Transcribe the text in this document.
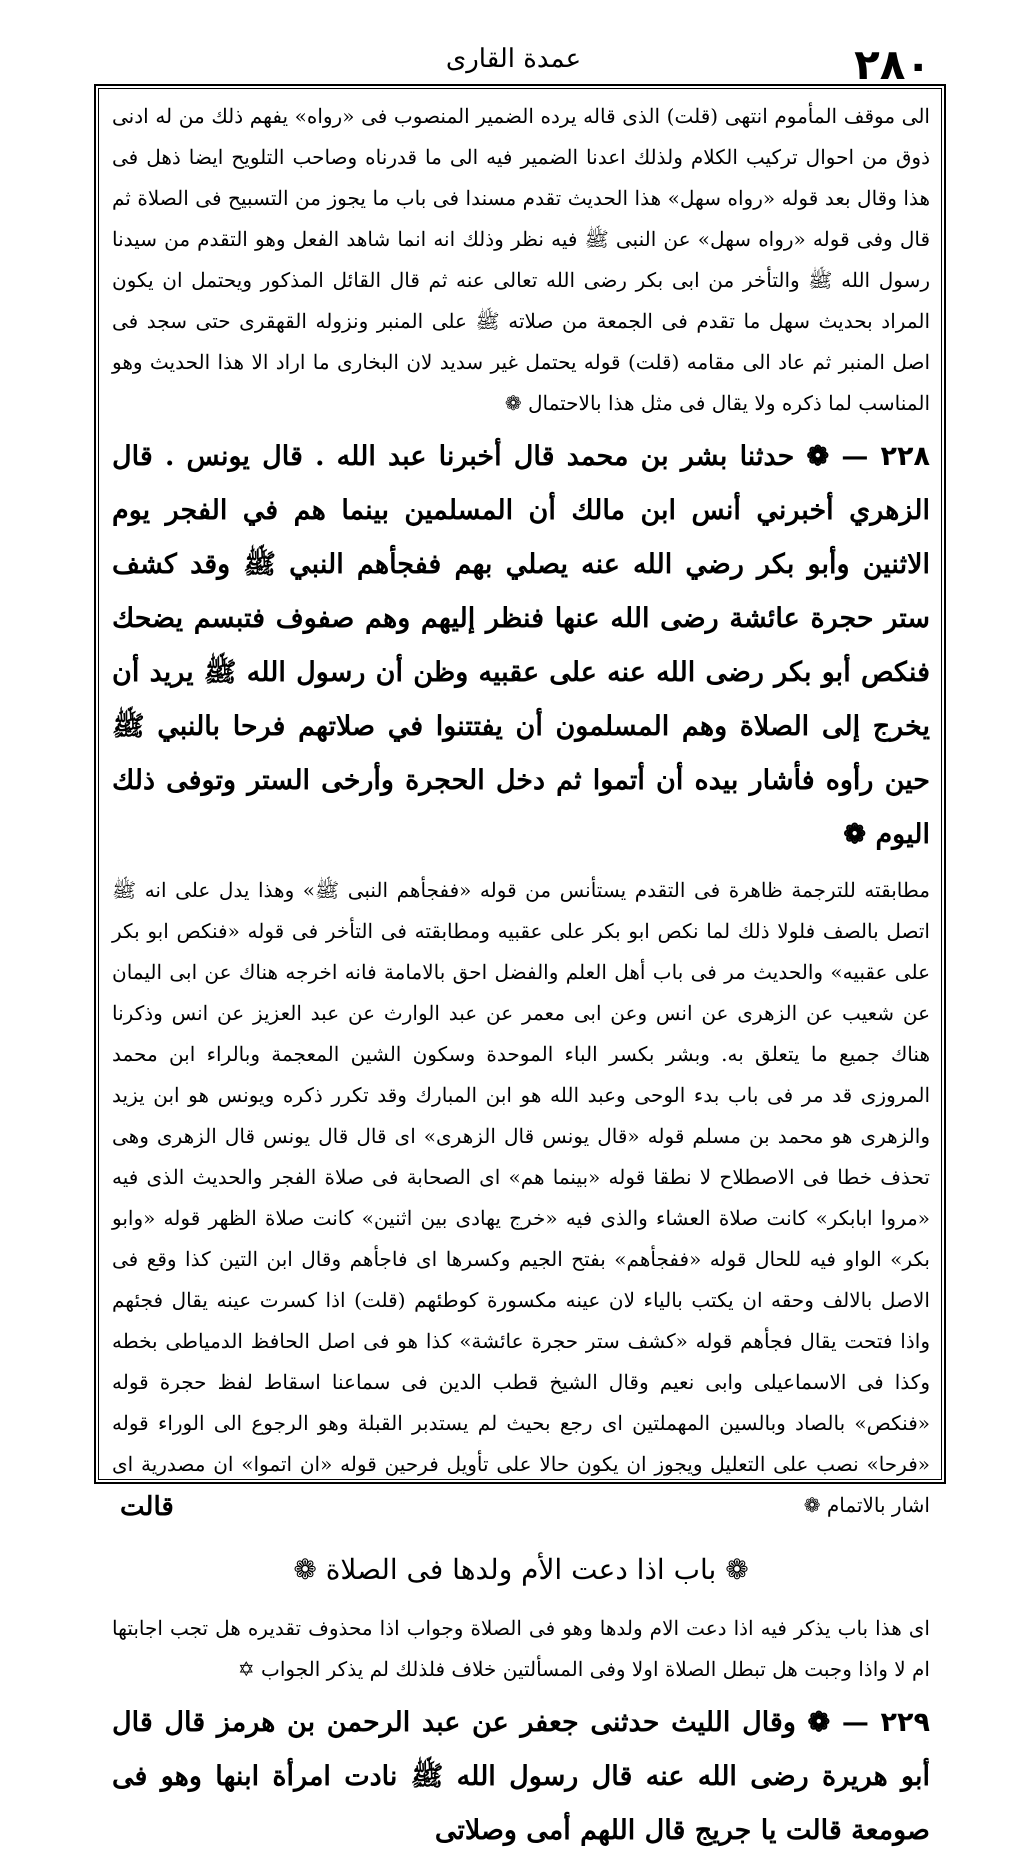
٢٨٠
عمدة القارى

الى موقف المأموم انتهى (قلت) الذى قاله يرده الضمير المنصوب فى «رواه» يفهم ذلك من له ادنى ذوق من احوال تركيب الكلام ولذلك اعدنا الضمير فيه الى ما قدرناه وصاحب التلويح ايضا ذهل فى هذا وقال بعد قوله «رواه سهل» هذا الحديث تقدم مسندا فى باب ما يجوز من التسبيح فى الصلاة ثم قال وفى قوله «رواه سهل» عن النبى ﷺ فيه نظر وذلك انه انما شاهد الفعل وهو التقدم من سيدنا رسول الله ﷺ والتأخر من ابى بكر رضى الله تعالى عنه ثم قال القائل المذكور ويحتمل ان يكون المراد بحديث سهل ما تقدم فى الجمعة من صلاته ﷺ على المنبر ونزوله القهقرى حتى سجد فى اصل المنبر ثم عاد الى مقامه (قلت) قوله يحتمل غير سديد لان البخارى ما اراد الا هذا الحديث وهو المناسب لما ذكره ولا يقال فى مثل هذا بالاحتمال ❁

٢٢٨ — ❁ حدثنا بشر بن محمد قال أخبرنا عبد الله . قال يونس . قال الزهري أخبرني أنس ابن مالك أن المسلمين بينما هم في الفجر يوم الاثنين وأبو بكر رضي الله عنه يصلي بهم ففجأهم النبي ﷺ وقد كشف ستر حجرة عائشة رضى الله عنها فنظر إليهم وهم صفوف فتبسم يضحك فنكص أبو بكر رضى الله عنه على عقبيه وظن أن رسول الله ﷺ يريد أن يخرج إلى الصلاة وهم المسلمون أن يفتتنوا في صلاتهم فرحا بالنبي ﷺ حين رأوه فأشار بيده أن أتموا ثم دخل الحجرة وأرخى الستر وتوفى ذلك اليوم ❁

مطابقته للترجمة ظاهرة فى التقدم يستأنس من قوله «ففجأهم النبى ﷺ» وهذا يدل على انه ﷺ اتصل بالصف فلولا ذلك لما نكص ابو بكر على عقبيه ومطابقته فى التأخر فى قوله «فنكص ابو بكر على عقبيه» والحديث مر فى باب أهل العلم والفضل احق بالامامة فانه اخرجه هناك عن ابى اليمان عن شعيب عن الزهرى عن انس وعن ابى معمر عن عبد الوارث عن عبد العزيز عن انس وذكرنا هناك جميع ما يتعلق به. وبشر بكسر الباء الموحدة وسكون الشين المعجمة وبالراء ابن محمد المروزى قد مر فى باب بدء الوحى وعبد الله هو ابن المبارك وقد تكرر ذكره ويونس هو ابن يزيد والزهرى هو محمد بن مسلم قوله «قال يونس قال الزهرى» اى قال قال يونس قال الزهرى وهى تحذف خطا فى الاصطلاح لا نطقا قوله «بينما هم» اى الصحابة فى صلاة الفجر والحديث الذى فيه «مروا ابابكر» كانت صلاة العشاء والذى فيه «خرج يهادى بين اثنين» كانت صلاة الظهر قوله «وابو بكر» الواو فيه للحال قوله «ففجأهم» بفتح الجيم وكسرها اى فاجأهم وقال ابن التين كذا وقع فى الاصل بالالف وحقه ان يكتب بالياء لان عينه مكسورة كوطئهم (قلت) اذا كسرت عينه يقال فجئهم واذا فتحت يقال فجأهم قوله «كشف ستر حجرة عائشة» كذا هو فى اصل الحافظ الدمياطى بخطه وكذا فى الاسماعيلى وابى نعيم وقال الشيخ قطب الدين فى سماعنا اسقاط لفظ حجرة قوله «فنكص» بالصاد وبالسين المهملتين اى رجع بحيث لم يستدبر القبلة وهو الرجوع الى الوراء قوله «فرحا» نصب على التعليل ويجوز ان يكون حالا على تأويل فرحين قوله «ان اتموا» ان مصدرية اى اشار بالاتمام ❁

❁ باب اذا دعت الأم ولدها فى الصلاة ❁

اى هذا باب يذكر فيه اذا دعت الام ولدها وهو فى الصلاة وجواب اذا محذوف تقديره هل تجب اجابتها ام لا واذا وجبت هل تبطل الصلاة اولا وفى المسألتين خلاف فلذلك لم يذكر الجواب ✡

٢٢٩ — ❁ وقال الليث حدثنى جعفر عن عبد الرحمن بن هرمز قال قال أبو هريرة رضى الله عنه قال رسول الله ﷺ نادت امرأة ابنها وهو فى صومعة قالت يا جريج قال اللهم أمى وصلاتى

قالت
